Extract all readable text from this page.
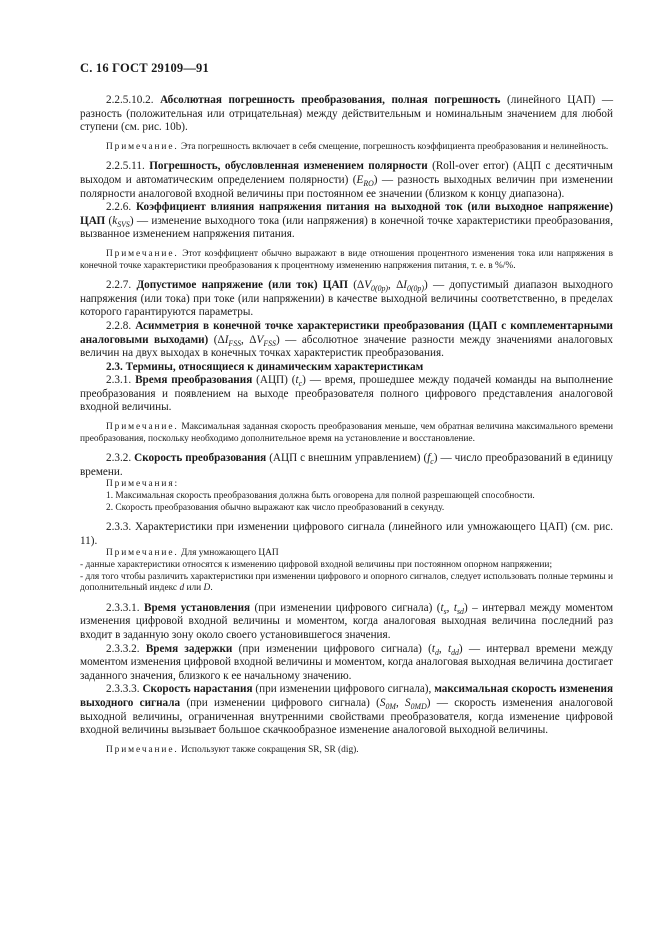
С. 16 ГОСТ 29109—91

2.2.5.10.2. Абсолютная погрешность преобразования, полная погрешность (линейного ЦАП) — разность (положительная или отрицательная) между действительным и номинальным значением для любой ступени (см. рис. 10b).

Примечание. Эта погрешность включает в себя смещение, погрешность коэффициента преобразования и нелинейность.

2.2.5.11. Погрешность, обусловленная изменением полярности (Roll-over error) (АЦП с десятичным выходом и автоматическим определением полярности) $(E_{RO})$ — разность выходных величин при изменении полярности аналоговой входной величины при постоянном ее значении (близком к концу диапазона).

2.2.6. Коэффициент влияния напряжения питания на выходной ток (или выходное напряжение) ЦАП $(k_{SVS})$ — изменение выходного тока (или напряжения) в конечной точке характеристики преобразования, вызванное изменением напряжения питания.

Примечание. Этот коэффициент обычно выражают в виде отношения процентного изменения тока или напряжения в конечной точке характеристики преобразования к процентному изменению напряжения питания, т. е. в %/%.

2.2.7. Допустимое напряжение (или ток) ЦАП ($\Delta V_{0(0p)}$, $\Delta I_{0(0p)}$) — допустимый диапазон выходного напряжения (или тока) при токе (или напряжении) в качестве выходной величины соответственно, в пределах которого гарантируются параметры.

2.2.8. Асимметрия в конечной точке характеристики преобразования (ЦАП с комплементарными аналоговыми выходами) ($\Delta I_{FSS}$, $\Delta V_{FSS}$) — абсолютное значение разности между значениями аналоговых величин на двух выходах в конечных точках характеристик преобразования.

2.3. Термины, относящиеся к динамическим характеристикам

2.3.1. Время преобразования (АЦП) $(t_c)$ — время, прошедшее между подачей команды на выполнение преобразования и появлением на выходе преобразователя полного цифрового представления аналоговой входной величины.

Примечание. Максимальная заданная скорость преобразования меньше, чем обратная величина максимального времени преобразования, поскольку необходимо дополнительное время на установление и восстановление.

2.3.2. Скорость преобразования (АЦП с внешним управлением) $(f_c)$ — число преобразований в единицу времени.

Примечания:

1. Максимальная скорость преобразования должна быть оговорена для полной разрешающей способности.

2. Скорость преобразования обычно выражают как число преобразований в секунду.

2.3.3. Характеристики при изменении цифрового сигнала (линейного или умножающего ЦАП) (см. рис. 11).

Примечание. Для умножающего ЦАП

- данные характеристики относятся к изменению цифровой входной величины при постоянном опорном напряжении;

- для того чтобы различить характеристики при изменении цифрового и опорного сигналов, следует использовать полные термины и дополнительный индекс d или D.

2.3.3.1. Время установления (при изменении цифрового сигнала) ($t_s$, $t_{sd}$) – интервал между моментом изменения цифровой входной величины и моментом, когда аналоговая выходная величина последний раз входит в заданную зону около своего установившегося значения.

2.3.3.2. Время задержки (при изменении цифрового сигнала) ($t_d$, $t_{dd}$) — интервал времени между моментом изменения цифровой входной величины и моментом, когда аналоговая выходная величина достигает заданного значения, близкого к ее начальному значению.

2.3.3.3. Скорость нарастания (при изменении цифрового сигнала), максимальная скорость изменения выходного сигнала (при изменении цифрового сигнала) ($S_{0M}$, $S_{0MD}$) — скорость изменения аналоговой выходной величины, ограниченная внутренними свойствами преобразователя, когда изменение цифровой входной величины вызывает большое скачкообразное изменение аналоговой выходной величины.

Примечание. Используют также сокращения SR, SR (dig).
